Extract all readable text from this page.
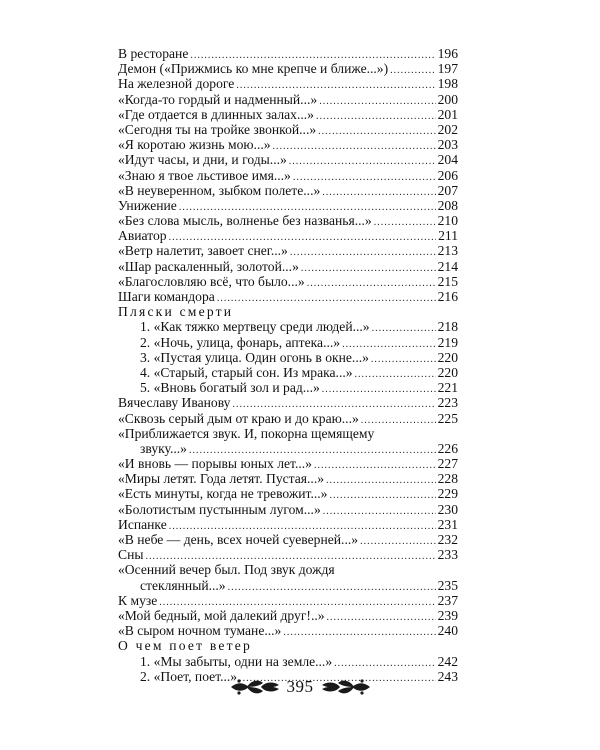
В ресторане .....	196
Демон («Прижмись ко мне крепче и ближе...») .....	197
На железной дороге .....	198
«Когда-то гордый и надменный...» .....	200
«Где отдается в длинных залах...» .....	201
«Сегодня ты на тройке звонкой...» .....	202
«Я коротаю жизнь мою...» .....	203
«Идут часы, и дни, и годы...» .....	204
«Знаю я твое льстивое имя...» .....	206
«В неуверенном, зыбком полете...» .....	207
Унижение .....	208
«Без слова мысль, волненье без названья...» .....	210
Авиатор .....	211
«Ветр налетит, завоет снег...» .....	213
«Шар раскаленный, золотой...» .....	214
«Благословляю всё, что было...» .....	215
Шаги командора .....	216
Пляски смерти
1. «Как тяжко мертвецу среди людей...» .....	218
2. «Ночь, улица, фонарь, аптека...» .....	219
3. «Пустая улица. Один огонь в окне...» .....	220
4. «Старый, старый сон. Из мрака...» .....	220
5. «Вновь богатый зол и рад...» .....	221
Вячеславу Иванову .....	223
«Сквозь серый дым от краю и до краю...» .....	225
«Приближается звук. И, покорна щемящему
звуку...» .....	226
«И вновь — порывы юных лет...» .....	227
«Миры летят. Года летят. Пустая...» .....	228
«Есть минуты, когда не тревожит...» .....	229
«Болотистым пустынным лугом...» .....	230
Испанке .....	231
«В небе — день, всех ночей суеверней...» .....	232
Сны .....	233
«Осенний вечер был. Под звук дождя
стеклянный...» .....	235
К музе .....	237
«Мой бедный, мой далекий друг!..» .....	239
«В сыром ночном тумане...» .....	240
О чем поет ветер
1. «Мы забыты, одни на земле...» .....	242
2. «Поет, поет...» .....	243
395
